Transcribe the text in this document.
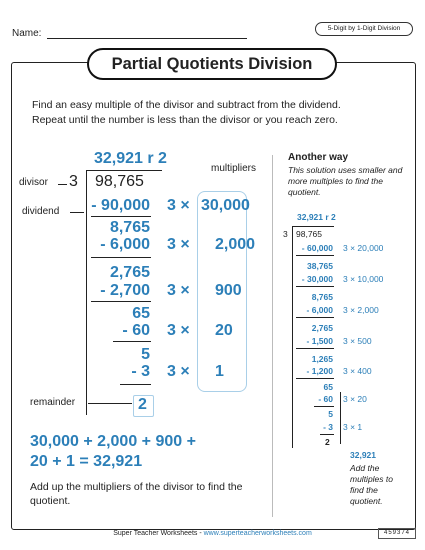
Name:	5-Digit by 1-Digit Division
Partial Quotients Division
Find an easy multiple of the divisor and subtract from the dividend. Repeat until the number is less than the divisor or you reach zero.
32,921 r 2
multipliers
divisor 3 98,765
dividend	- 90,000 3 × 30,000
8,765
- 6,000 3 × 2,000
2,765
- 2,700 3 × 900
65
- 60 3 × 20
5
- 3 3 × 1
remainder	2
30,000 + 2,000 + 900 +
20 + 1 = 32,921
Add up the multipliers of the divisor to find the quotient.
Another way
This solution uses smaller and more multiples to find the quotient.
32,921 r 2
3 98,765
- 60,000 3 × 20,000
38,765
- 30,000 3 × 10,000
8,765
- 6,000 3 × 2,000
2,765
- 1,500 3 × 500
1,265
- 1,200 3 × 400
65
- 60 3 × 20
5
- 3 3 × 1
2
32,921
Add the multiples to find the quotient.
Super Teacher Worksheets - www.superteacherworksheets.com	459374
